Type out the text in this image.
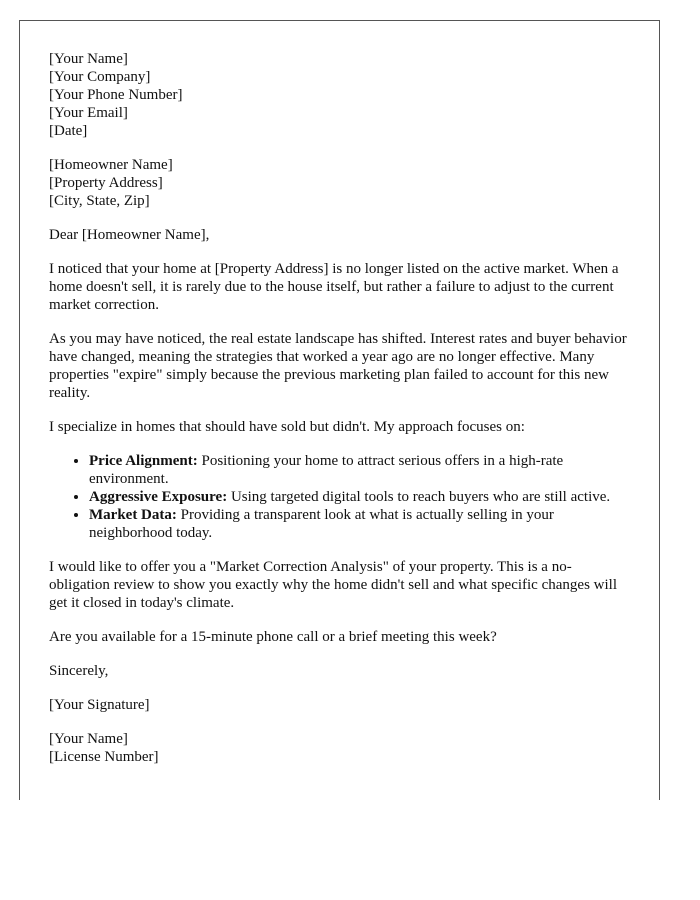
[Your Name]
[Your Company]
[Your Phone Number]
[Your Email]
[Date]
[Homeowner Name]
[Property Address]
[City, State, Zip]

Dear [Homeowner Name],

I noticed that your home at [Property Address] is no longer listed on the active market. When a home doesn't sell, it is rarely due to the house itself, but rather a failure to adjust to the current market correction.

As you may have noticed, the real estate landscape has shifted. Interest rates and buyer behavior have changed, meaning the strategies that worked a year ago are no longer effective. Many properties "expire" simply because the previous marketing plan failed to account for this new reality.

I specialize in homes that should have sold but didn't. My approach focuses on:

• Price Alignment: Positioning your home to attract serious offers in a high-rate environment.
• Aggressive Exposure: Using targeted digital tools to reach buyers who are still active.
• Market Data: Providing a transparent look at what is actually selling in your neighborhood today.

I would like to offer you a "Market Correction Analysis" of your property. This is a no-obligation review to show you exactly why the home didn't sell and what specific changes will get it closed in today's climate.

Are you available for a 15-minute phone call or a brief meeting this week?

Sincerely,

[Your Signature]

[Your Name]
[License Number]
